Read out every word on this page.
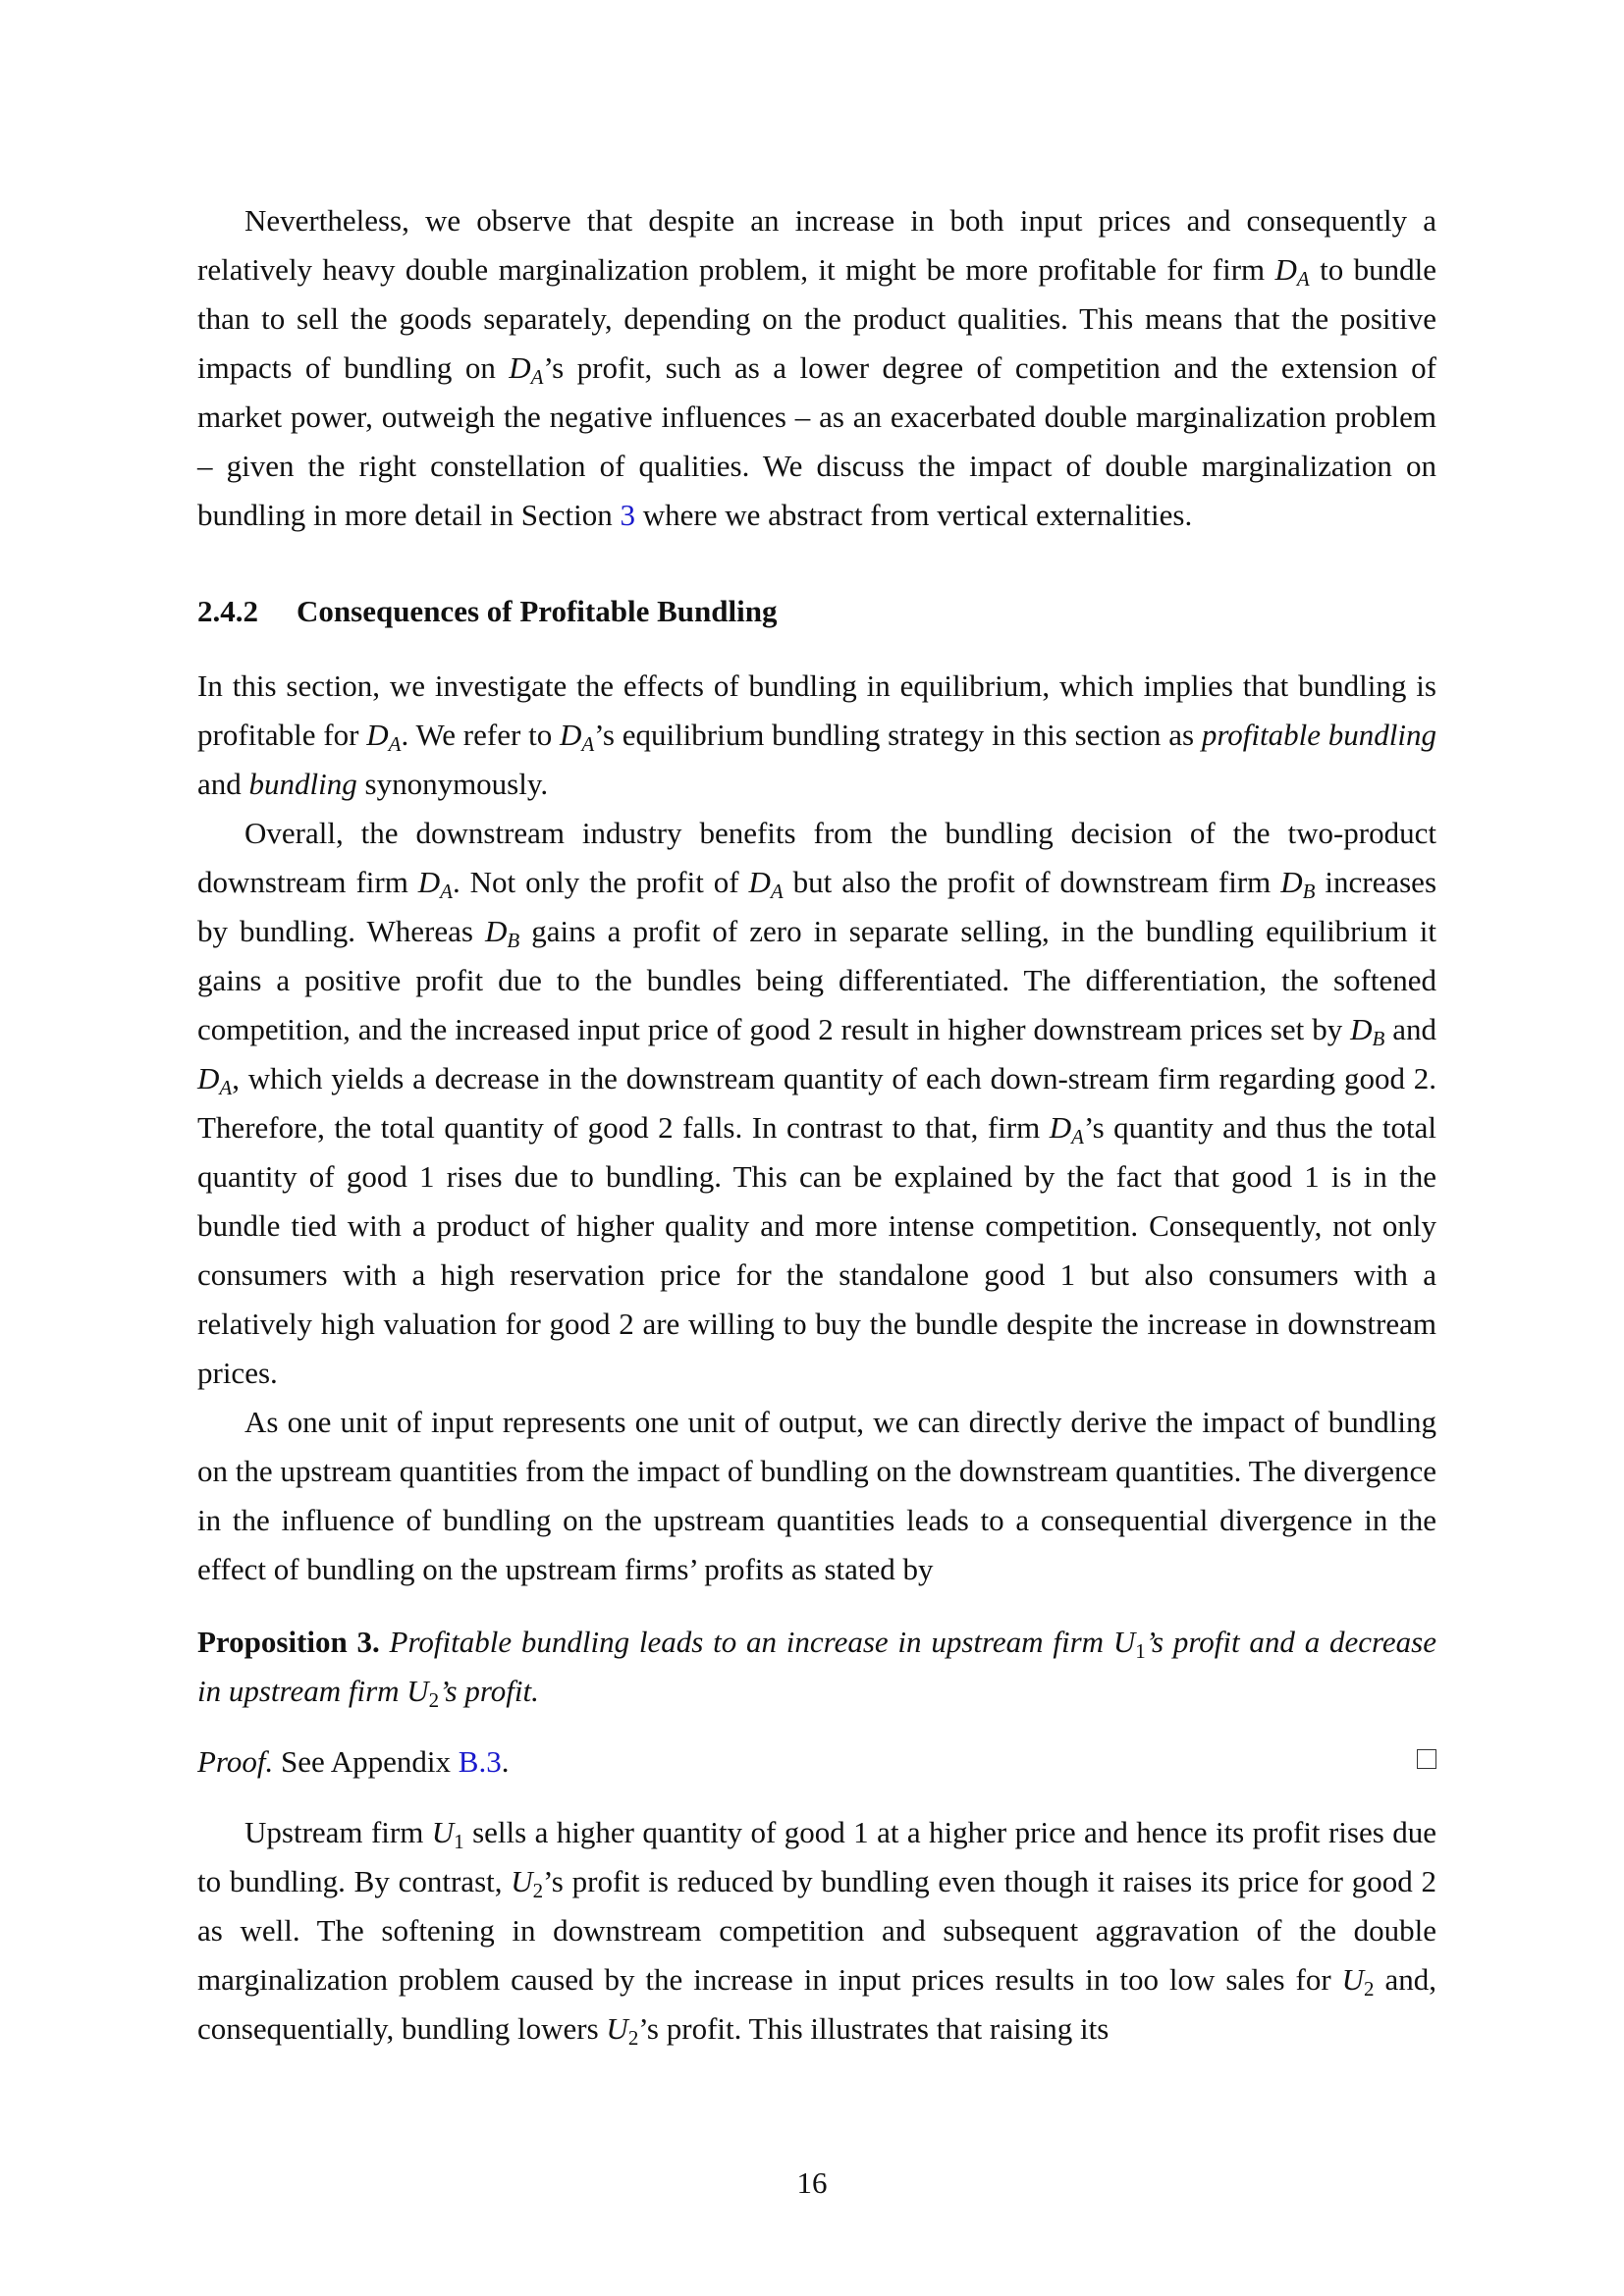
Nevertheless, we observe that despite an increase in both input prices and consequently a relatively heavy double marginalization problem, it might be more profitable for firm $D_A$ to bundle than to sell the goods separately, depending on the product qualities. This means that the positive impacts of bundling on $D_A’s$ profit, such as a lower degree of competition and the extension of market power, outweigh the negative influences – as an exacerbated double marginalization problem – given the right constellation of qualities. We discuss the impact of double marginalization on bundling in more detail in Section 3 where we abstract from vertical externalities.

2.4.2 Consequences of Profitable Bundling

In this section, we investigate the effects of bundling in equilibrium, which implies that bundling is profitable for $D_A$. We refer to $D_A’s$ equilibrium bundling strategy in this section as profitable bundling and bundling synonymously.

Overall, the downstream industry benefits from the bundling decision of the two-product downstream firm $D_A$. Not only the profit of $D_A$ but also the profit of downstream firm $D_B$ increases by bundling. Whereas $D_B$ gains a profit of zero in separate selling, in the bundling equilibrium it gains a positive profit due to the bundles being differentiated. The differentiation, the softened competition, and the increased input price of good 2 result in higher downstream prices set by $D_B$ and $D_A$, which yields a decrease in the downstream quantity of each down-stream firm regarding good 2. Therefore, the total quantity of good 2 falls. In contrast to that, firm $D_A’s$ quantity and thus the total quantity of good 1 rises due to bundling. This can be explained by the fact that good 1 is in the bundle tied with a product of higher quality and more intense competition. Consequently, not only consumers with a high reservation price for the standalone good 1 but also consumers with a relatively high valuation for good 2 are willing to buy the bundle despite the increase in downstream prices.

As one unit of input represents one unit of output, we can directly derive the impact of bundling on the upstream quantities from the impact of bundling on the downstream quantities. The divergence in the influence of bundling on the upstream quantities leads to a consequential divergence in the effect of bundling on the upstream firms’ profits as stated by

Proposition 3. Profitable bundling leads to an increase in upstream firm $U_1’s$ profit and a decrease in upstream firm $U_2’s$ profit.

Proof. See Appendix B.3.

Upstream firm $U_1$ sells a higher quantity of good 1 at a higher price and hence its profit rises due to bundling. By contrast, $U_2’s$ profit is reduced by bundling even though it raises its price for good 2 as well. The softening in downstream competition and subsequent aggravation of the double marginalization problem caused by the increase in input prices results in too low sales for $U_2$ and, consequentially, bundling lowers $U_2’s$ profit. This illustrates that raising its

16
